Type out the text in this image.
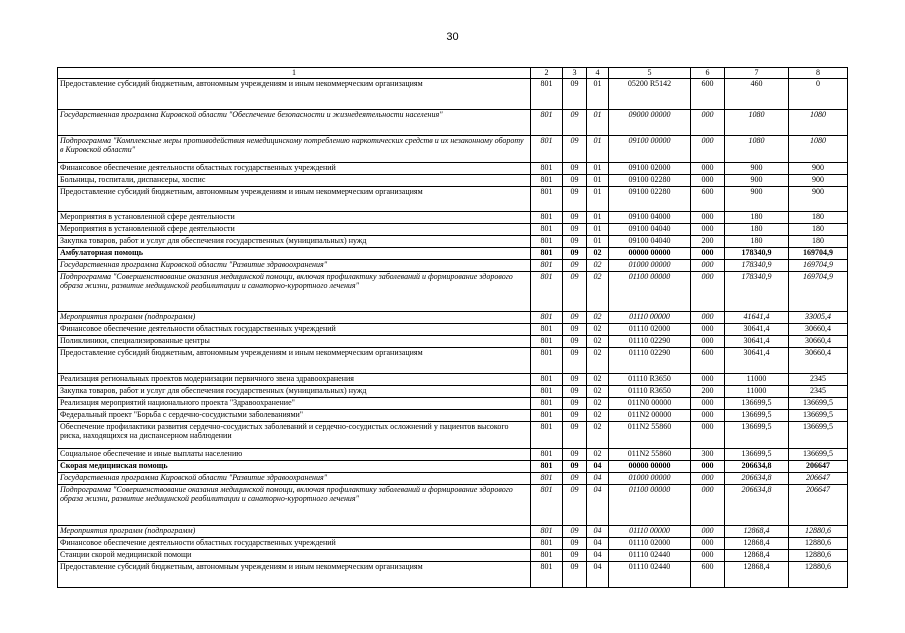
30
1	2	3	4	5	6	7	8
Предоставление субсидий бюджетным, автономным учреждениям и иным некоммерческим организациям	801	09	01	05200 R5142	600	460	0
Государственная программа Кировской области "Обеспечение безопасности и жизнедеятельности населения"	801	09	01	09000 00000	000	1080	1080
Подпрограмма "Комплексные меры противодействия немедицинскому потреблению наркотических средств и их незаконному обороту в Кировской области"	801	09	01	09100 00000	000	1080	1080
Финансовое обеспечение деятельности областных государственных учреждений	801	09	01	09100 02000	000	900	900
Больницы, госпитали, диспансеры, хоспис	801	09	01	09100 02280	000	900	900
Предоставление субсидий бюджетным, автономным учреждениям и иным некоммерческим организациям	801	09	01	09100 02280	600	900	900
Мероприятия в установленной сфере деятельности	801	09	01	09100 04000	000	180	180
Мероприятия в установленной сфере деятельности	801	09	01	09100 04040	000	180	180
Закупка товаров, работ и услуг для обеспечения государственных (муниципальных) нужд	801	09	01	09100 04040	200	180	180
Амбулаторная помощь	801	09	02	00000 00000	000	178340,9	169704,9
Государственная программа Кировской области "Развитие здравоохранения"	801	09	02	01000 00000	000	178340,9	169704,9
Подпрограмма "Совершенствование оказания медицинской помощи, включая профилактику заболеваний и формирование здорового образа жизни, развитие медицинской реабилитации и санаторно-курортного лечения"	801	09	02	01100 00000	000	178340,9	169704,9
Мероприятия программ (подпрограмм)	801	09	02	01110 00000	000	41641,4	33005,4
Финансовое обеспечение деятельности областных государственных учреждений	801	09	02	01110 02000	000	30641,4	30660,4
Поликлиники, специализированные центры	801	09	02	01110 02290	000	30641,4	30660,4
Предоставление субсидий бюджетным, автономным учреждениям и иным некоммерческим организациям	801	09	02	01110 02290	600	30641,4	30660,4
Реализация региональных проектов модернизации первичного звена здравоохранения	801	09	02	01110 R3650	000	11000	2345
Закупка товаров, работ и услуг для обеспечения государственных (муниципальных) нужд	801	09	02	01110 R3650	200	11000	2345
Реализация мероприятий национального проекта "Здравоохранение"	801	09	02	011N0 00000	000	136699,5	136699,5
Федеральный проект "Борьба с сердечно-сосудистыми заболеваниями"	801	09	02	011N2 00000	000	136699,5	136699,5
Обеспечение профилактики развития сердечно-сосудистых заболеваний и сердечно-сосудистых осложнений у пациентов высокого риска, находящихся на диспансерном наблюдении	801	09	02	011N2 55860	000	136699,5	136699,5
Социальное обеспечение и иные выплаты населению	801	09	02	011N2 55860	300	136699,5	136699,5
Скорая медицинская помощь	801	09	04	00000 00000	000	206634,8	206647
Государственная программа Кировской области "Развитие здравоохранения"	801	09	04	01000 00000	000	206634,8	206647
Подпрограмма "Совершенствование оказания медицинской помощи, включая профилактику заболеваний и формирование здорового образа жизни, развитие медицинской реабилитации и санаторно-курортного лечения"	801	09	04	01100 00000	000	206634,8	206647
Мероприятия программ (подпрограмм)	801	09	04	01110 00000	000	12868,4	12880,6
Финансовое обеспечение деятельности областных государственных учреждений	801	09	04	01110 02000	000	12868,4	12880,6
Станции скорой медицинской помощи	801	09	04	01110 02440	000	12868,4	12880,6
Предоставление субсидий бюджетным, автономным учреждениям и иным некоммерческим организациям	801	09	04	01110 02440	600	12868,4	12880,6
